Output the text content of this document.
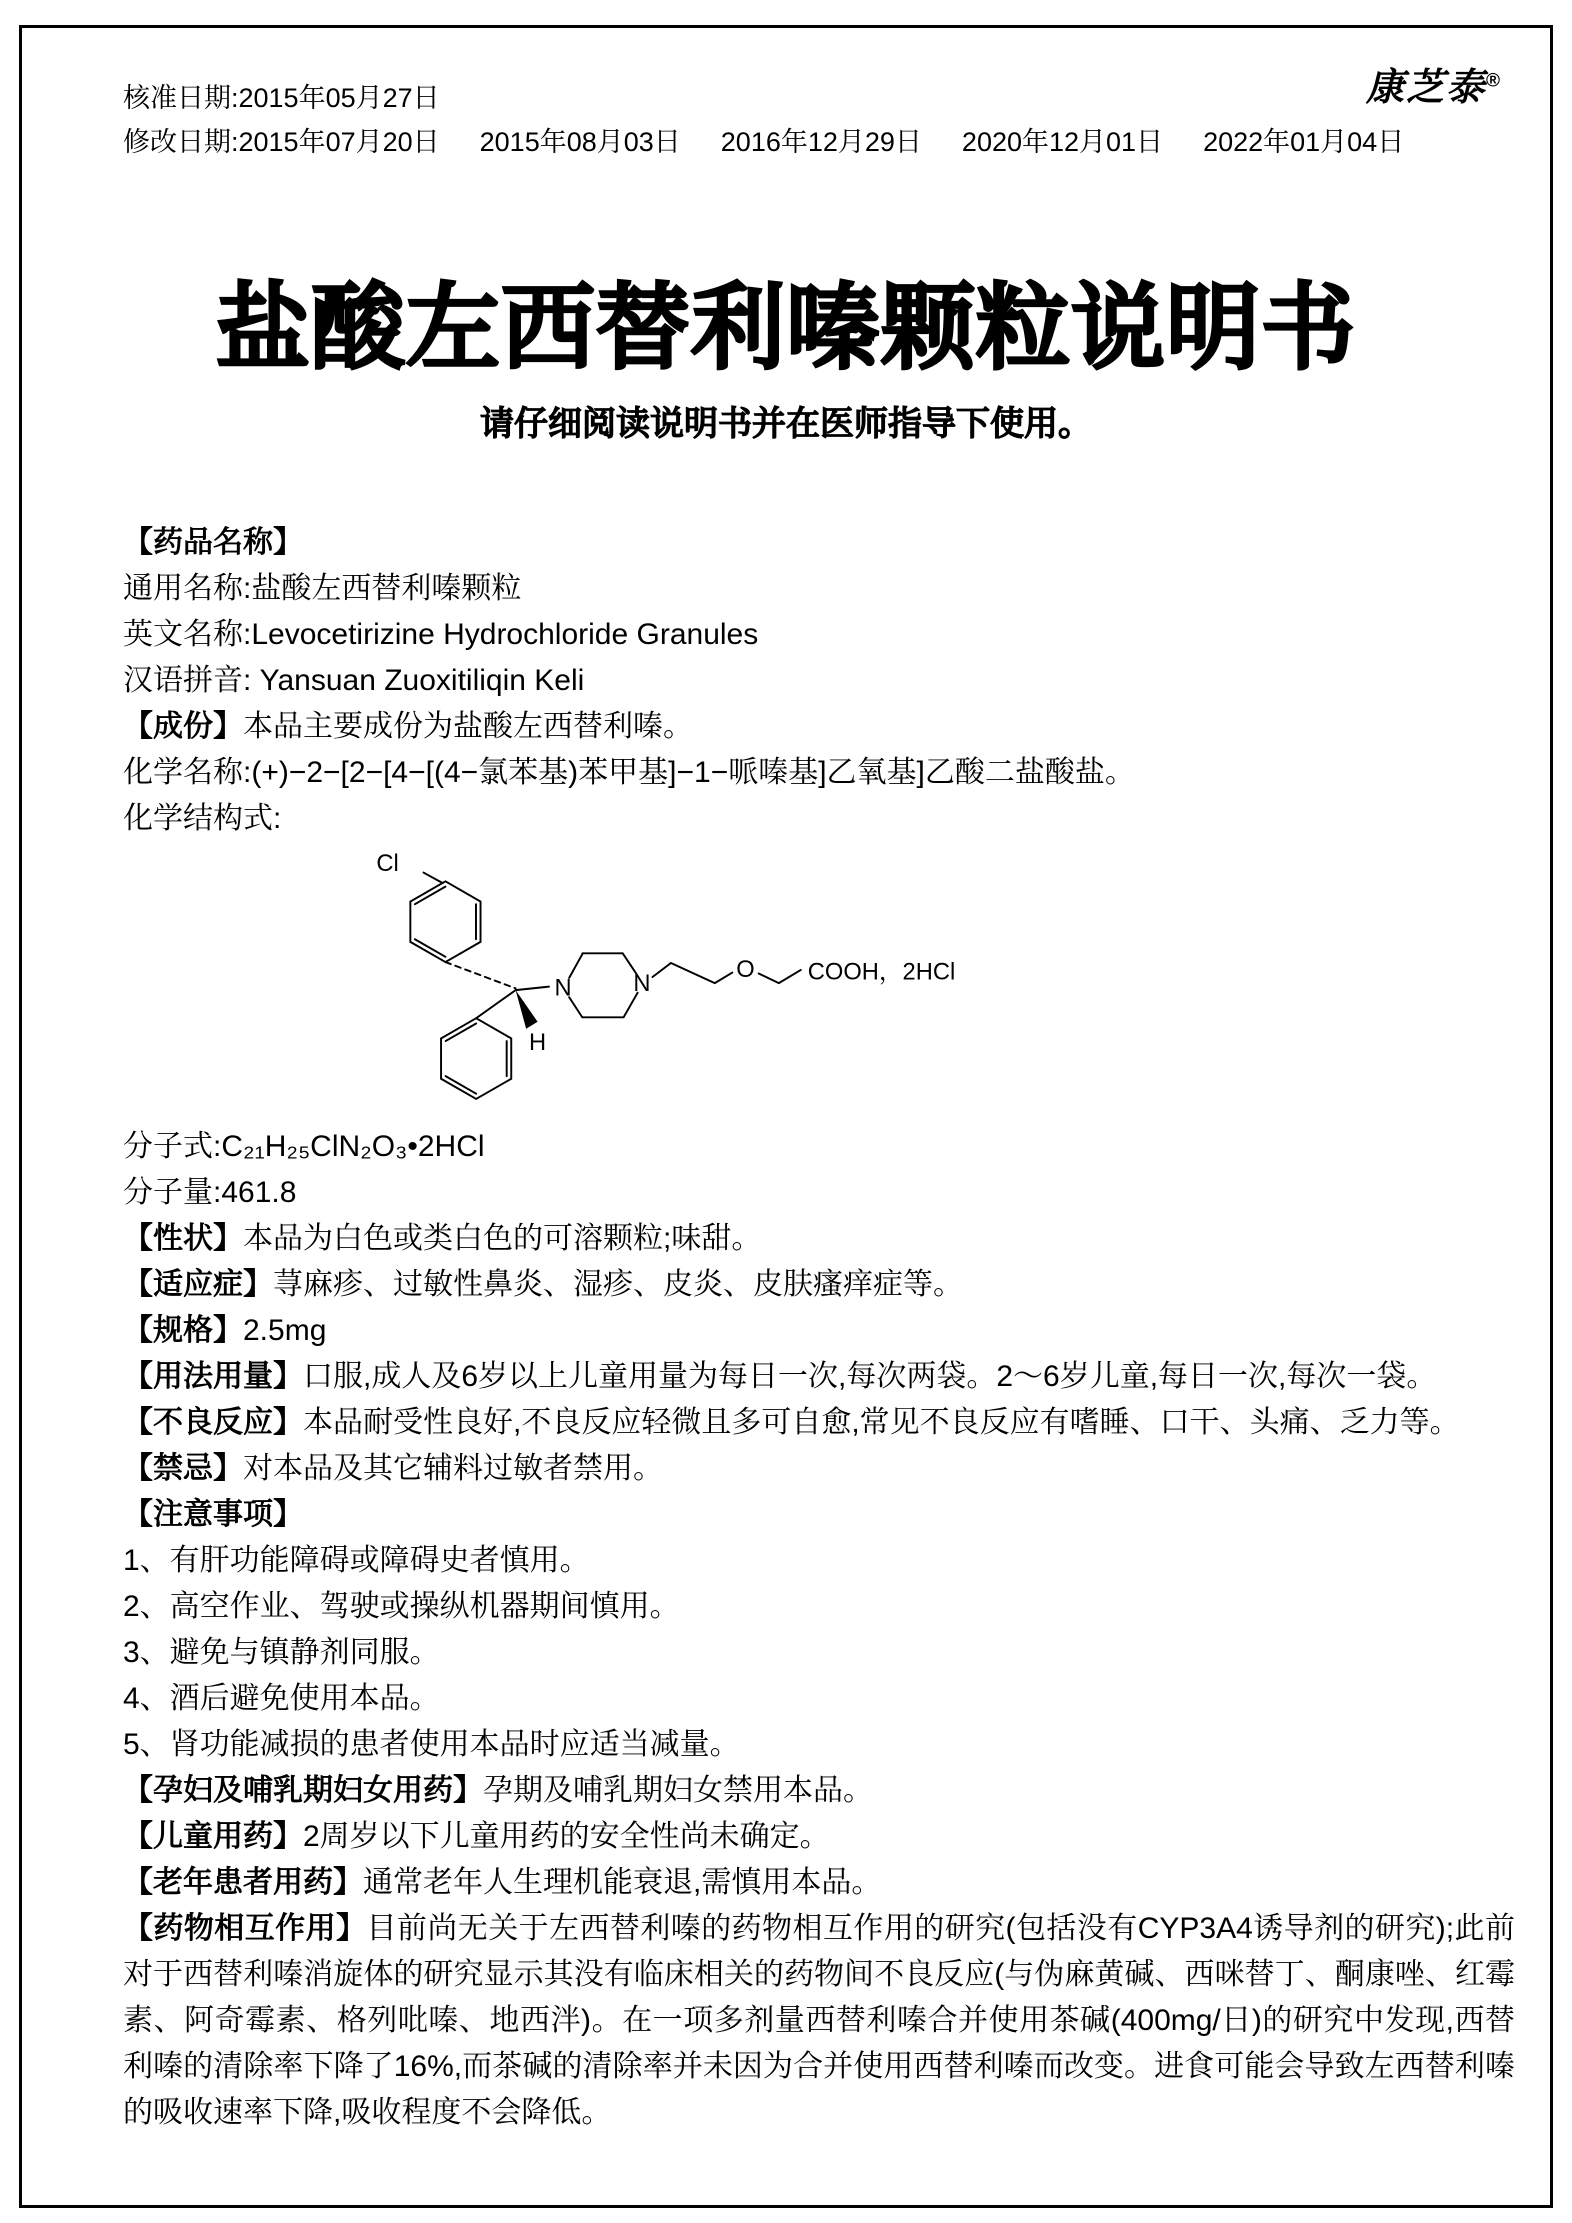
核准日期:2015年05月27日
修改日期:2015年07月20日 2015年08月03日 2016年12月29日 2020年12月01日 2022年01月04日
康芝泰®
盐酸左西替利嗪颗粒说明书
请仔细阅读说明书并在医师指导下使用。
【药品名称】
通用名称:盐酸左西替利嗪颗粒
英文名称:Levocetirizine Hydrochloride Granules
汉语拼音: Yansuan Zuoxitiliqin Keli
【成份】本品主要成份为盐酸左西替利嗪。
化学名称:(+)−2−[2−[4−[(4−氯苯基)苯甲基]−1−哌嗪基]乙氧基]乙酸二盐酸盐。
化学结构式:
Cl
H
N N
O COOH，2HCl
分子式:C₂₁H₂₅ClN₂O₃•2HCl
分子量:461.8
【性状】本品为白色或类白色的可溶颗粒;味甜。
【适应症】荨麻疹、过敏性鼻炎、湿疹、皮炎、皮肤瘙痒症等。
【规格】2.5mg
【用法用量】口服,成人及6岁以上儿童用量为每日一次,每次两袋。2～6岁儿童,每日一次,每次一袋。
【不良反应】本品耐受性良好,不良反应轻微且多可自愈,常见不良反应有嗜睡、口干、头痛、乏力等。
【禁忌】对本品及其它辅料过敏者禁用。
【注意事项】
1、有肝功能障碍或障碍史者慎用。
2、高空作业、驾驶或操纵机器期间慎用。
3、避免与镇静剂同服。
4、酒后避免使用本品。
5、肾功能减损的患者使用本品时应适当减量。
【孕妇及哺乳期妇女用药】孕期及哺乳期妇女禁用本品。
【儿童用药】2周岁以下儿童用药的安全性尚未确定。
【老年患者用药】通常老年人生理机能衰退,需慎用本品。
【药物相互作用】目前尚无关于左西替利嗪的药物相互作用的研究(包括没有CYP3A4诱导剂的研究);此前对于西替利嗪消旋体的研究显示其没有临床相关的药物间不良反应(与伪麻黄碱、西咪替丁、酮康唑、红霉素、阿奇霉素、格列吡嗪、地西泮)。在一项多剂量西替利嗪合并使用茶碱(400mg/日)的研究中发现,西替利嗪的清除率下降了16%,而茶碱的清除率并未因为合并使用西替利嗪而改变。进食可能会导致左西替利嗪的吸收速率下降,吸收程度不会降低。
